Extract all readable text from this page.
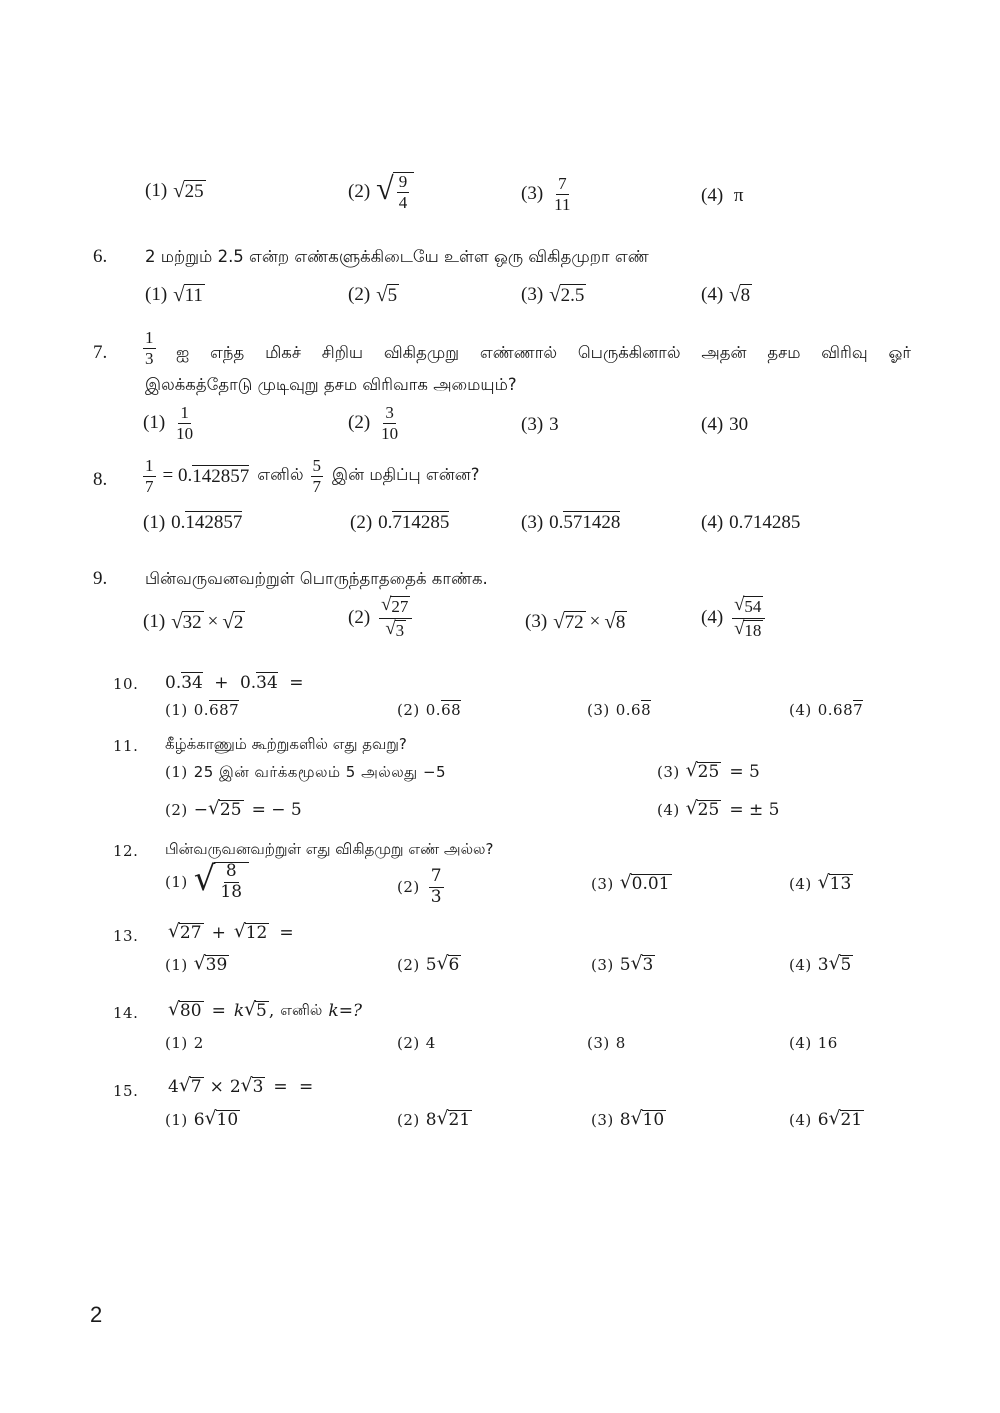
(1) √ 25	(2) √ $\frac{9}{4}$	$(3) \frac{7}{11}$	(4) π
6. 2 மற்றும் 2.5 என்ற எண்களுக்கிடையே உள்ள ஒரு விகிதமுறா எண்
(1) √ 11	(2) √ 5	(3) √ 2.5	(4) √ 8
7. $\frac{1}{3}$ ஐ எந்த மிகச் சிறிய விகிதமுறு எண்ணால் பெருக்கினால் அதன் தசம விரிவு ஓர்
இலக்கத்தோடு முடிவுறு தசம விரிவாக அமையும்?
$(1) \frac{1}{10}$	$(2) \frac{3}{10}$	(3) 3	(4) 30
8. $\frac{1}{7} = 0$. 142857 எனில் $\frac{5}{7}$ இன் மதிப்பு என்ன?
(1) 0.142857	(2) 0.714285	(3) 0.571428	(4) 0.714285
9. பின்வருவனவற்றுள் பொருந்தாததைக் காண்க.
(1) √ 32 × √ 2	$(2) \frac{√ 27}{√ 3}$	(3) √ 72 × √ 8	$(4) \frac{√ 54}{√ 18}$
10. 0.34 + 0.34 =
(1) 0.687	(2) 0.68	(3) 0.68	(4) 0.687
11. கீழ்க்காணும் கூற்றுகளில் எது தவறு?
(1) 25 இன் வர்க்கமூலம் 5 அல்லது −5
(2) − √ 25 = − 5
(3) √ 25 = 5
(4) √ 25 = ± 5
12. பின்வருவனவற்றுள் எது விகிதமுறு எண் அல்ல?
(1) √ $\frac{8}{18}$	$(2) \frac{7}{3}$	(3) √ 0.01	(4) √ 13
13. √ 27 + √ 12 =
(1) √ 39	(2) 5 √ 6	(3) 5 √ 3	(4) 3 √ 5
14. √ 80 = k √ 5 , எனில் k=?
(1) 2	(2) 4	(3) 8	(4) 16
15. 4 √ 7 × 2 √ 3 = =
(1) 6 √ 10	(2) 8 √ 21	(3) 8 √ 10	(4) 6 √ 21
2
